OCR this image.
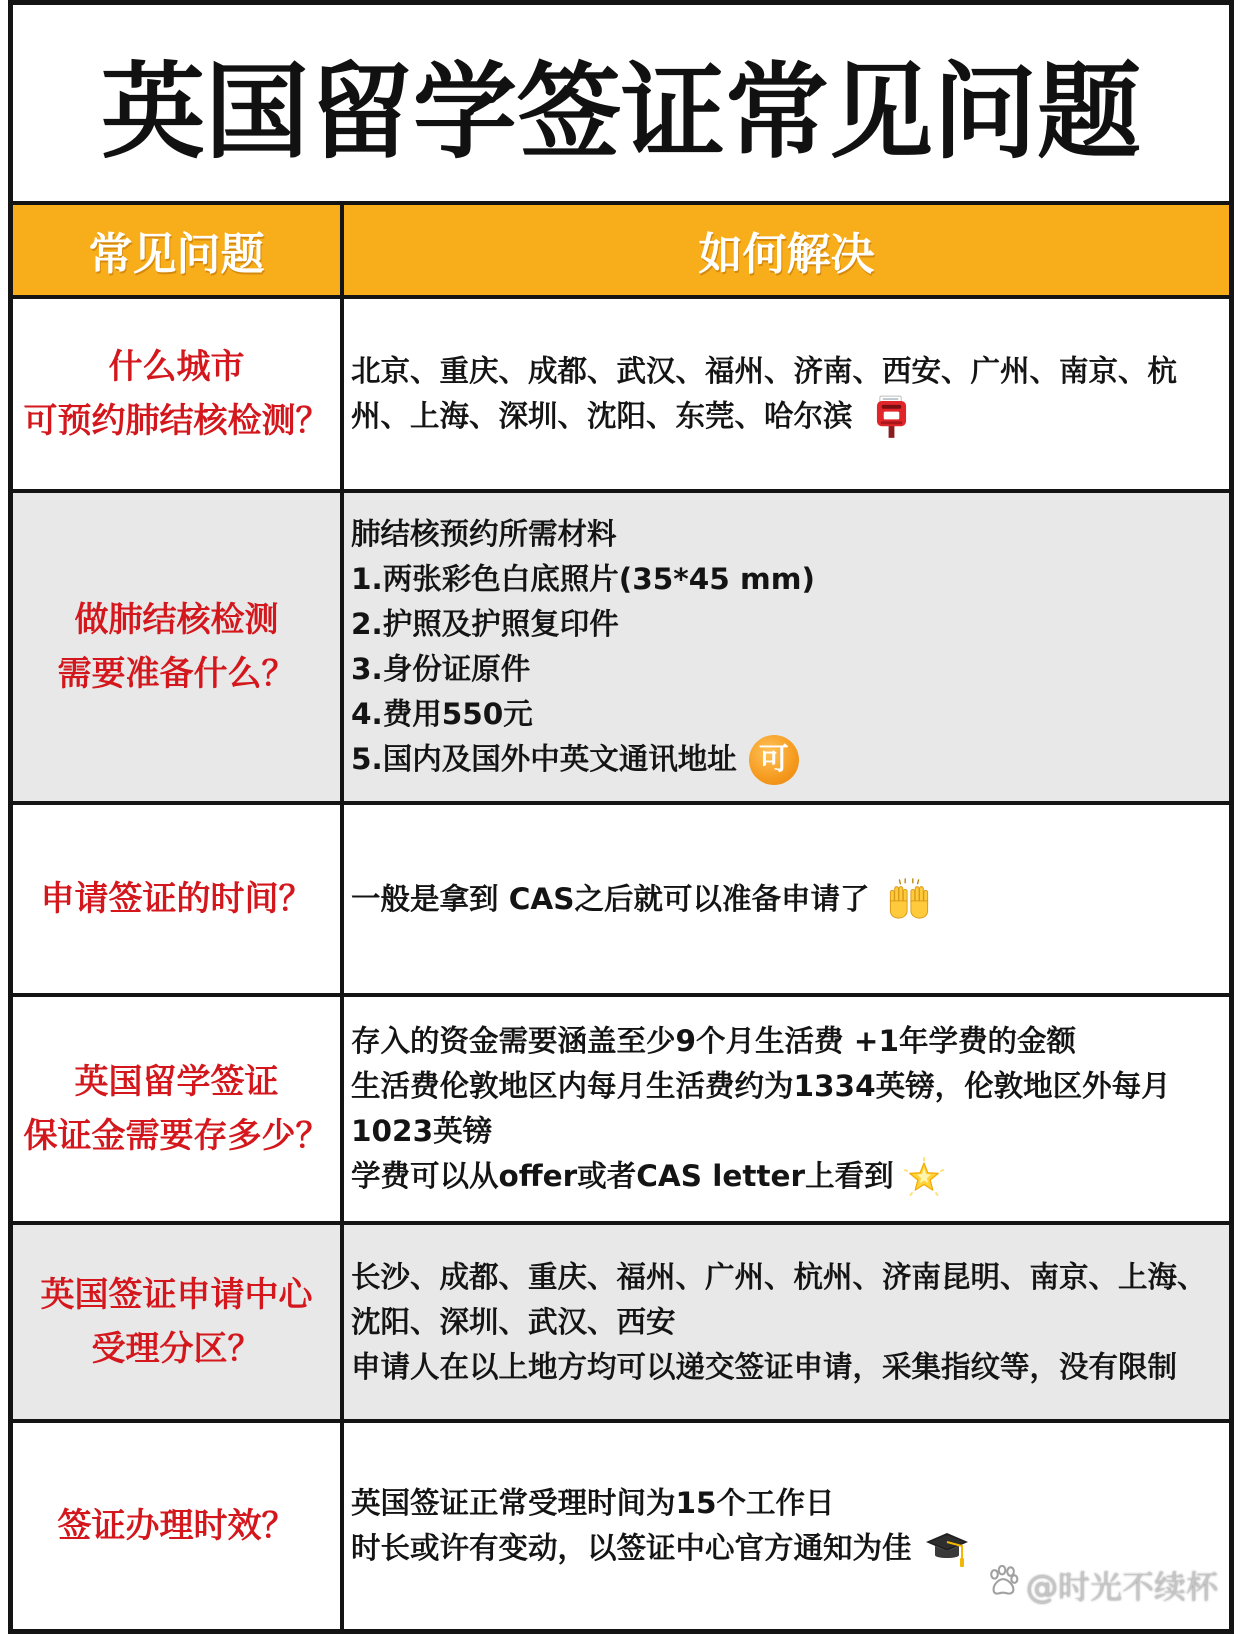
英国留学签证常见问题
常见问题	如何解决
什么城市
可预约肺结核检测？
北京、重庆、成都、武汉、福州、济南、西安、广州、南京、杭
州、上海、深圳、沈阳、东莞、哈尔滨
做肺结核检测
需要准备什么？
肺结核预约所需材料
1.两张彩色白底照片(35*45 mm)
2.护照及护照复印件
3.身份证原件
4.费用550元
5.国内及国外中英文通讯地址 可
申请签证的时间？ 一般是拿到 CAS之后就可以准备申请了
英国留学签证
保证金需要存多少？
存入的资金需要涵盖至少9个月生活费 +1年学费的金额
生活费伦敦地区内每月生活费约为1334英镑，伦敦地区外每月
1023英镑
学费可以从offer或者CAS letter上看到
英国签证申请中心
受理分区？
长沙、成都、重庆、福州、广州、杭州、济南昆明、南京、上海、
沈阳、深圳、武汉、西安
申请人在以上地方均可以递交签证申请，采集指纹等，没有限制
签证办理时效？
英国签证正常受理时间为15个工作日
时长或许有变动，以签证中心官方通知为佳
@时光不续杯
